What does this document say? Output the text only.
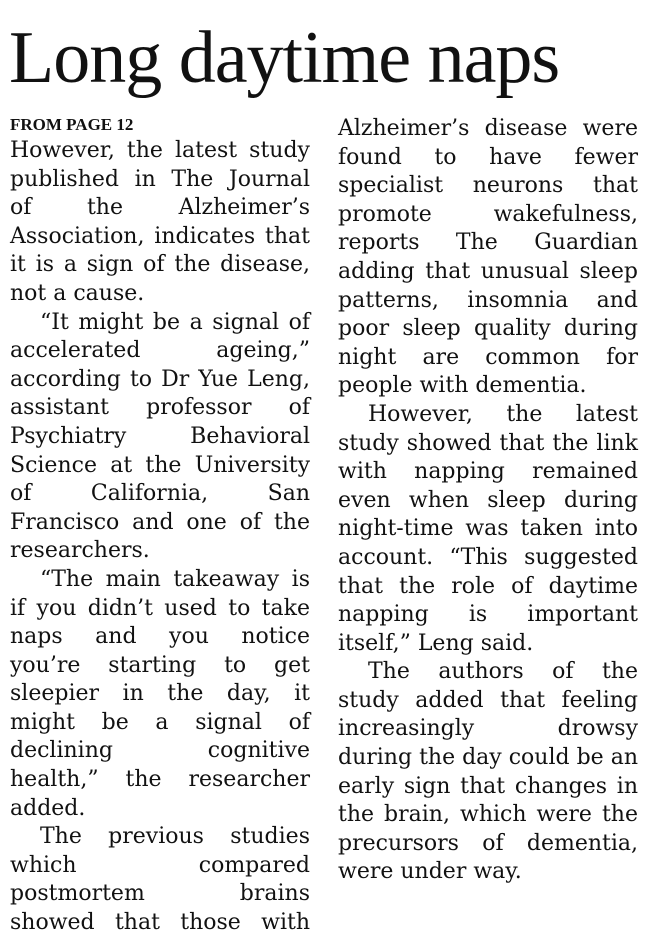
Long daytime naps
FROM PAGE 12

However, the latest study published in The Journal of the Alzheimer’s Association, indicates that it is a sign of the disease, not a cause.

“It might be a signal of accelerated ageing,” according to Dr Yue Leng, assistant professor of Psychiatry Behavioral Science at the University of California, San Francisco and one of the researchers.

“The main takeaway is if you didn’t used to take naps and you notice you’re starting to get sleepier in the day, it might be a signal of declining cognitive health,” the researcher added.

The previous studies which compared postmortem brains showed that those with

Alzheimer’s disease were found to have fewer specialist neurons that promote wakefulness, reports The Guardian adding that unusual sleep patterns, insomnia and poor sleep quality during night are common for people with dementia.

However, the latest study showed that the link with napping remained even when sleep during night-time was taken into account. “This suggested that the role of daytime napping is important itself,” Leng said.

The authors of the study added that feeling increasingly drowsy during the day could be an early sign that changes in the brain, which were the precursors of dementia, were under way.
